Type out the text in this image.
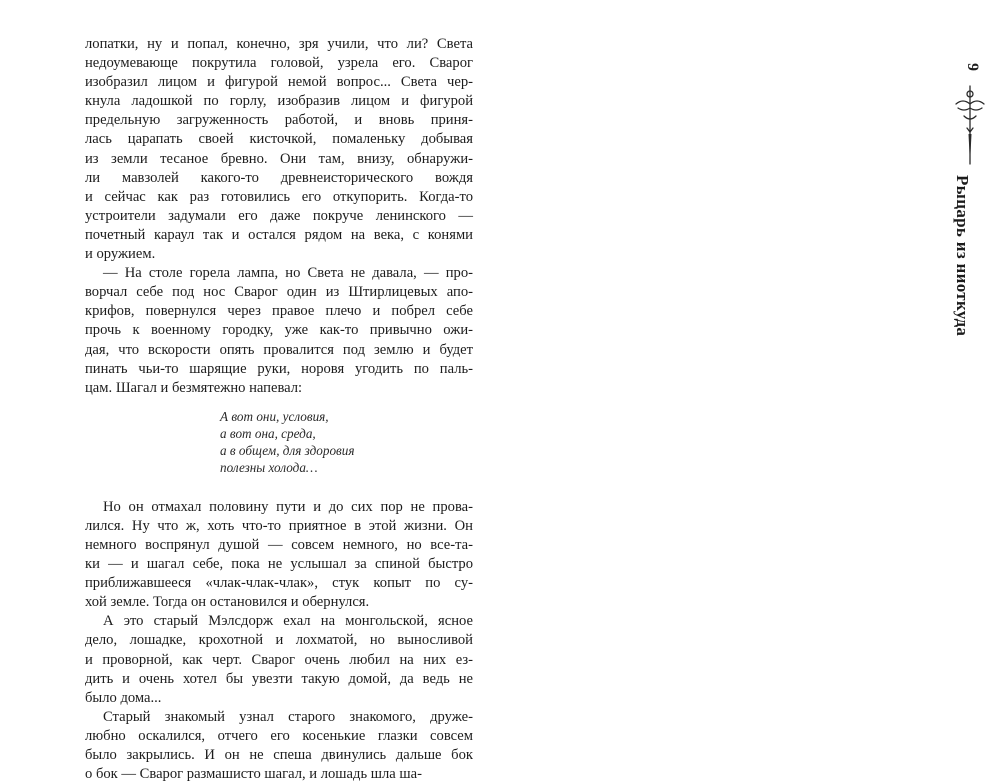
лопатки, ну и попал, конечно, зря учили, что ли? Света
недоумевающе покрутила головой, узрела его. Сварог
изобразил лицом и фигурой немой вопрос... Света чер-
кнула ладошкой по горлу, изобразив лицом и фигурой
предельную загруженность работой, и вновь приня-
лась царапать своей кисточкой, помаленьку добывая
из земли тесаное бревно. Они там, внизу, обнаружи-
ли мавзолей какого-то древнеисторического вождя
и сейчас как раз готовились его откупорить. Когда-то
устроители задумали его даже покруче ленинского —
почетный караул так и остался рядом на века, с конями
и оружием.
— На столе горела лампа, но Света не давала, — про-
ворчал себе под нос Сварог один из Штирлицевых апо-
крифов, повернулся через правое плечо и побрел себе
прочь к военному городку, уже как-то привычно ожи-
дая, что вскорости опять провалится под землю и будет
пинать чьи-то шарящие руки, норовя угодить по паль-
цам. Шагал и безмятежно напевал:
А вот они, условия,
а вот она, среда,
а в общем, для здоровия
полезны холода…
Но он отмахал половину пути и до сих пор не прова-
лился. Ну что ж, хоть что-то приятное в этой жизни. Он
немного воспрянул душой — совсем немного, но все-та-
ки — и шагал себе, пока не услышал за спиной быстро
приближавшееся «члак-члак-члак», стук копыт по су-
хой земле. Тогда он остановился и обернулся.
А это старый Мэлсдорж ехал на монгольской, ясное
дело, лошадке, крохотной и лохматой, но выносливой
и проворной, как черт. Сварог очень любил на них ез-
дить и очень хотел бы увезти такую домой, да ведь не
было дома...
Старый знакомый узнал старого знакомого, друже-
любно оскалился, отчего его косенькие глазки совсем
было закрылись. И он не спеша двинулись дальше бок
о бок — Сварог размашисто шагал, и лошадь шла ша-
9
Рыцарь из ниоткуда
